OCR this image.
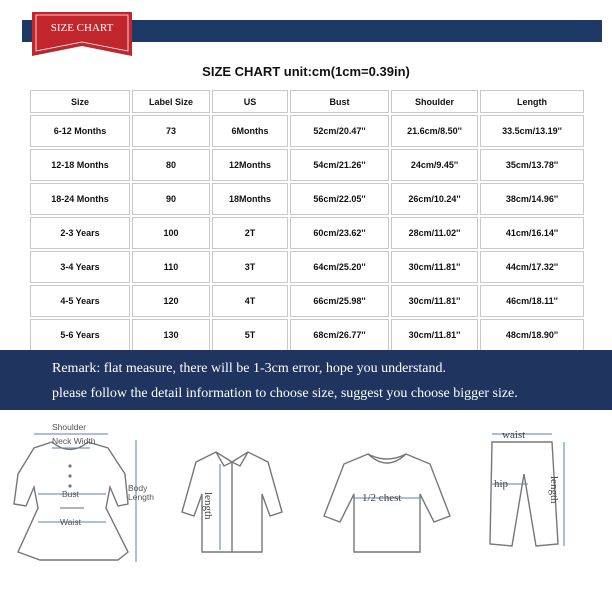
SIZE CHART
SIZE CHART unit:cm(1cm=0.39in)
Size	Label Size	US	Bust	Shoulder	Length
6-12 Months	73	6Months	52cm/20.47''	21.6cm/8.50''	33.5cm/13.19''
12-18 Months	80	12Months	54cm/21.26''	24cm/9.45''	35cm/13.78''
18-24 Months	90	18Months	56cm/22.05''	26cm/10.24''	38cm/14.96''
2-3 Years	100	2T	60cm/23.62''	28cm/11.02''	41cm/16.14''
3-4 Years	110	3T	64cm/25.20''	30cm/11.81''	44cm/17.32''
4-5 Years	120	4T	66cm/25.98''	30cm/11.81''	46cm/18.11''
5-6 Years	130	5T	68cm/26.77''	30cm/11.81''	48cm/18.90''
Remark: flat measure, there will be 1-3cm error, hope you understand.
please follow the detail information to choose size, suggest you choose bigger size.
Shoulder
Neck Width
Bust
Waist
Body
Length	length	1/2 chest
waist
hip	length
